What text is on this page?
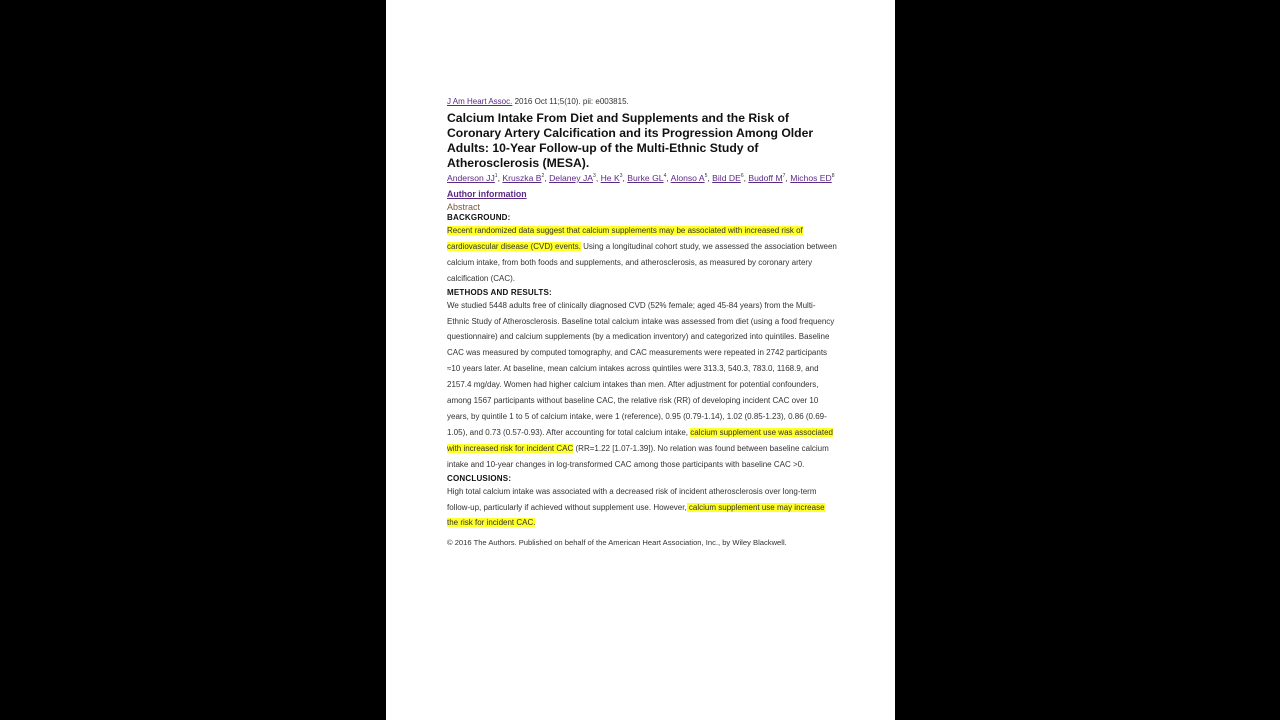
J Am Heart Assoc. 2016 Oct 11;5(10). pii: e003815.
Calcium Intake From Diet and Supplements and the Risk of Coronary Artery Calcification and its Progression Among Older Adults: 10-Year Follow-up of the Multi-Ethnic Study of Atherosclerosis (MESA).
Anderson $JJ^1$, Kruszka $B^2$, Delaney $JA^3$, He $K^3$, Burke $GL^4$, Alonso $A^5$, Bild $DE^6$, Budoff $M^7$, Michos $ED^8$
Author information
Abstract
BACKGROUND:

Recent randomized data suggest that calcium supplements may be associated with increased risk of cardiovascular disease (CVD) events. Using a longitudinal cohort study, we assessed the association between calcium intake, from both foods and supplements, and atherosclerosis, as measured by coronary artery calcification (CAC).

METHODS AND RESULTS:

We studied 5448 adults free of clinically diagnosed CVD (52% female; aged 45-84 years) from the Multi-Ethnic Study of Atherosclerosis. Baseline total calcium intake was assessed from diet (using a food frequency questionnaire) and calcium supplements (by a medication inventory) and categorized into quintiles. Baseline CAC was measured by computed tomography, and CAC measurements were repeated in 2742 participants ≈10 years later. At baseline, mean calcium intakes across quintiles were 313.3, 540.3, 783.0, 1168.9, and 2157.4 mg/day. Women had higher calcium intakes than men. After adjustment for potential confounders, among 1567 participants without baseline CAC, the relative risk (RR) of developing incident CAC over 10 years, by quintile 1 to 5 of calcium intake, were 1 (reference), 0.95 (0.79-1.14), 1.02 (0.85-1.23), 0.86 (0.69-1.05), and 0.73 (0.57-0.93). After accounting for total calcium intake, calcium supplement use was associated with increased risk for incident CAC (RR=1.22 [1.07-1.39]). No relation was found between baseline calcium intake and 10-year changes in log-transformed CAC among those participants with baseline CAC >0.

CONCLUSIONS:

High total calcium intake was associated with a decreased risk of incident atherosclerosis over long-term follow-up, particularly if achieved without supplement use. However, calcium supplement use may increase the risk for incident CAC.

© 2016 The Authors. Published on behalf of the American Heart Association, Inc., by Wiley Blackwell.
